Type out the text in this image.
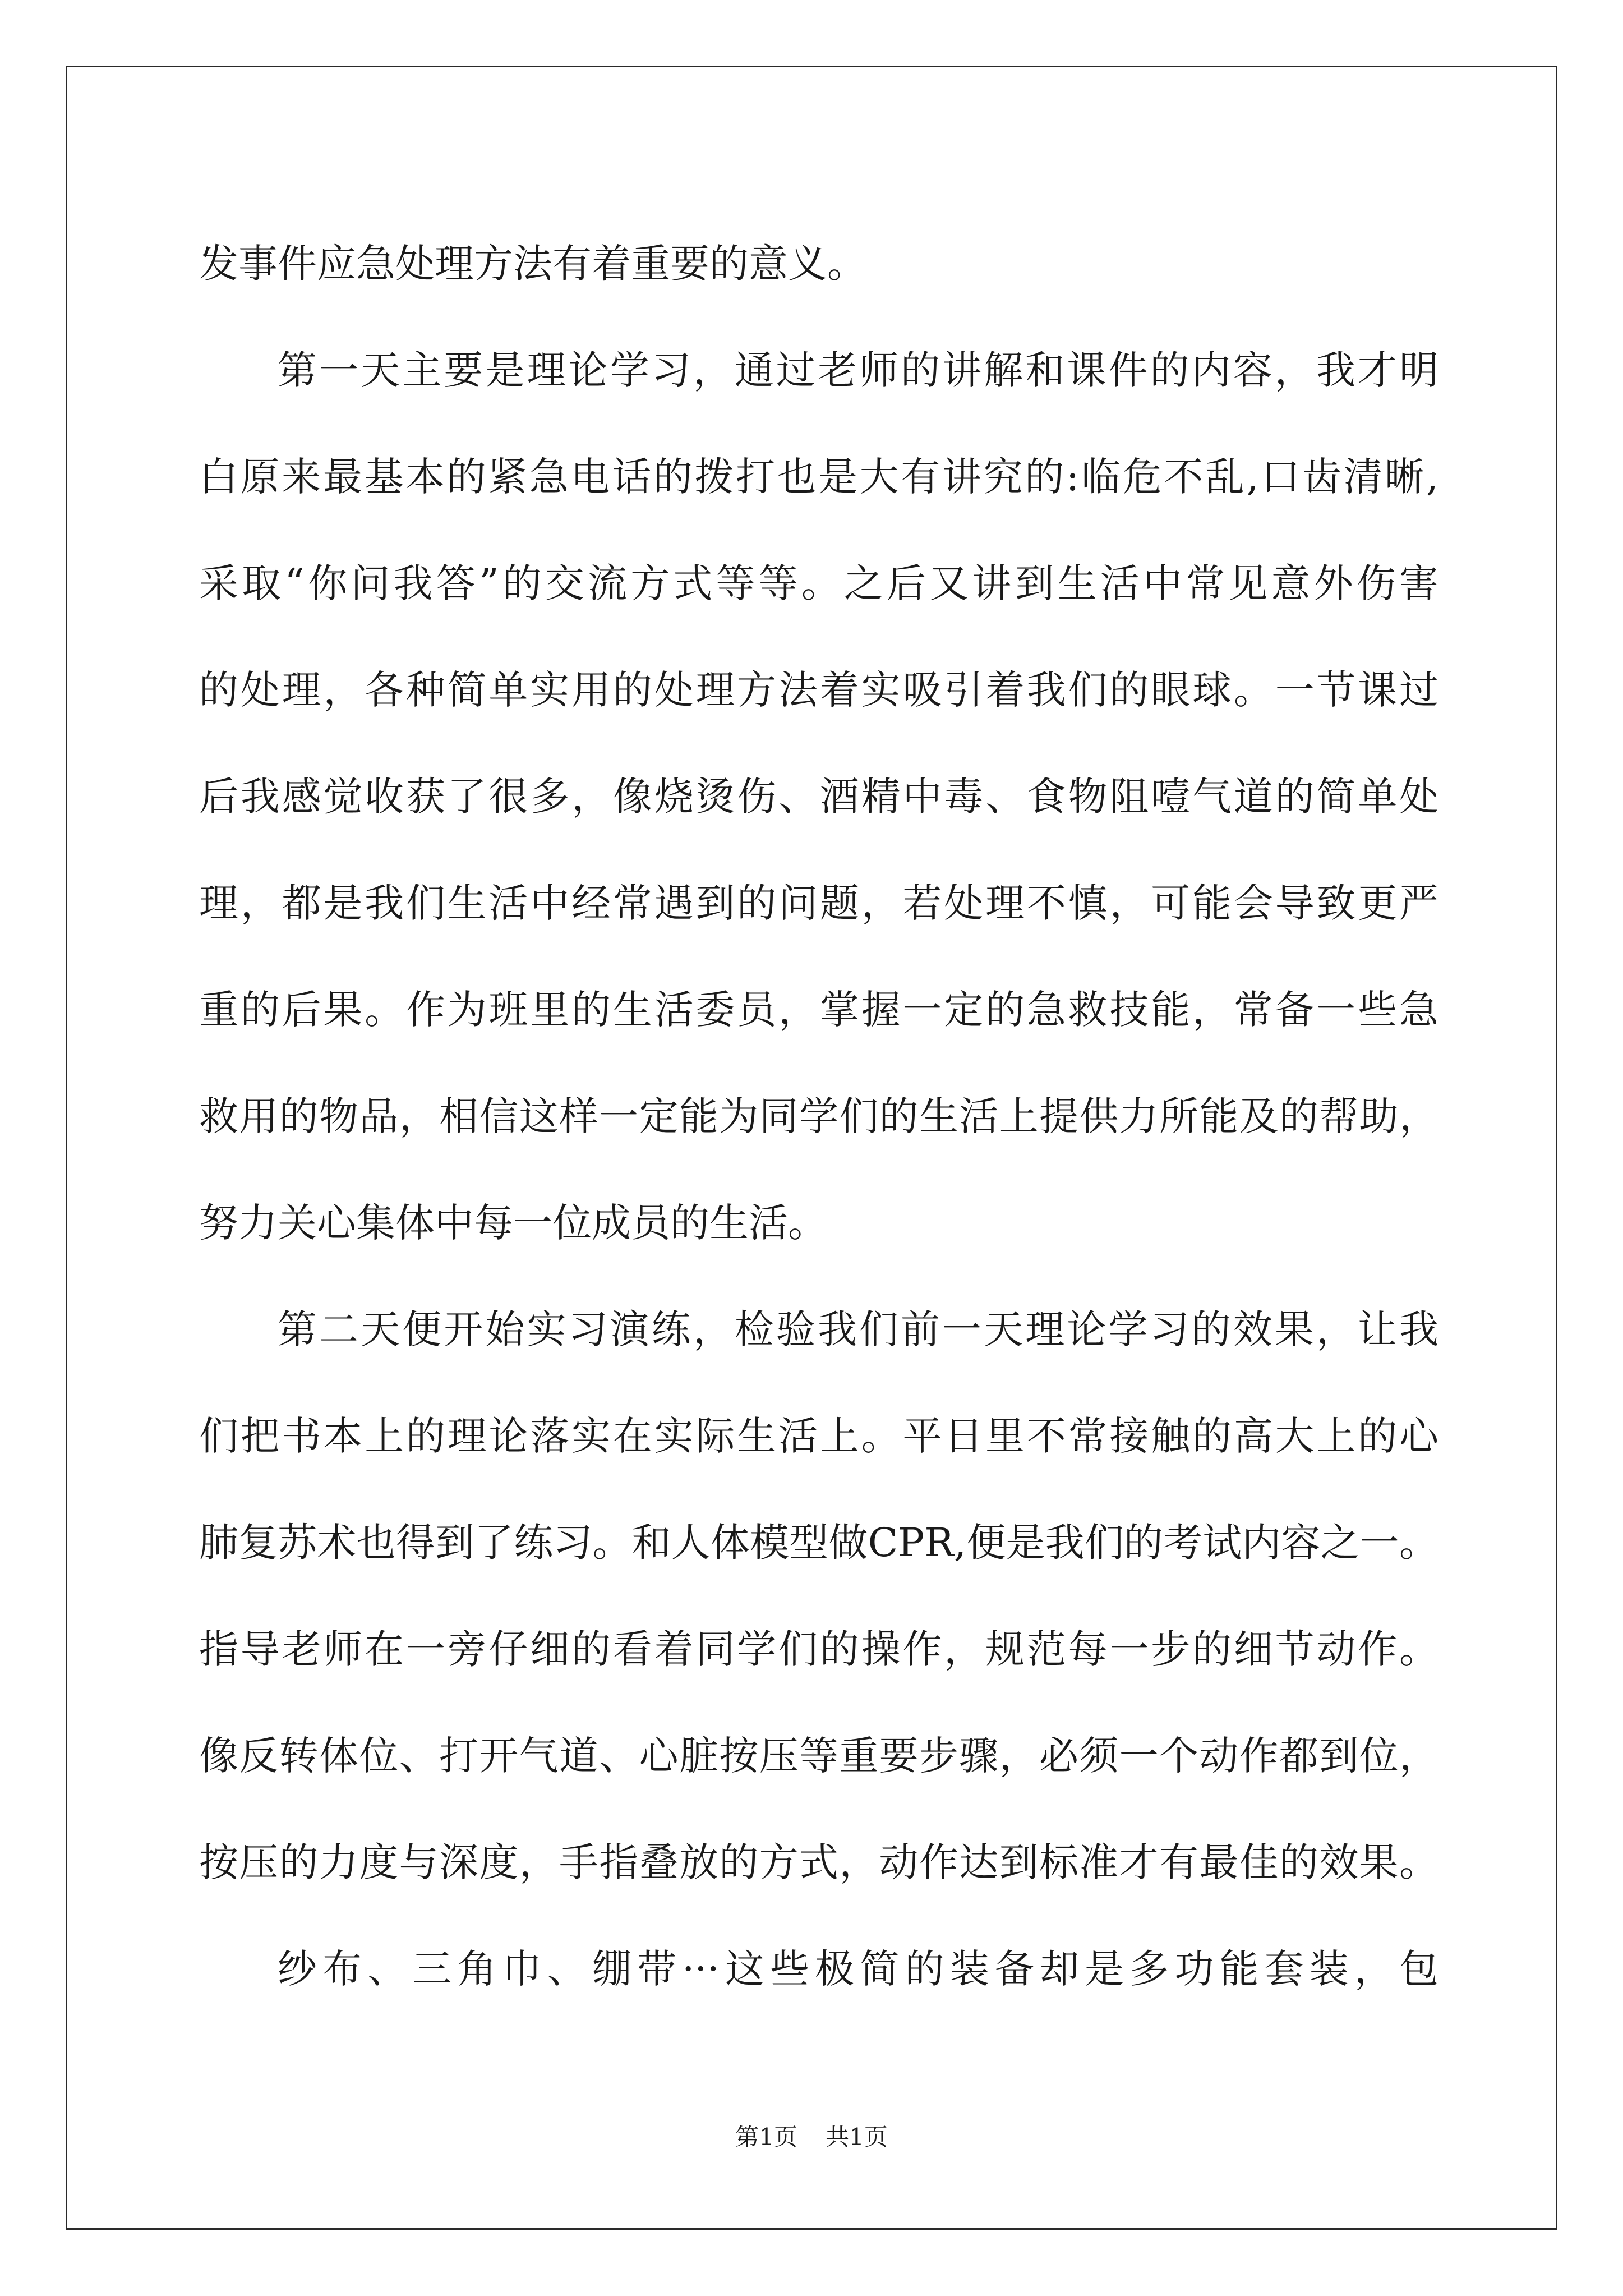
发事件应急处理方法有着重要的意义。
第一天主要是理论学习，通过老师的讲解和课件的内容，我才明
白原来最基本的紧急电话的拨打也是大有讲究的:临危不乱,口齿清晰,
采取“你问我答”的交流方式等等。之后又讲到生活中常见意外伤害
的处理，各种简单实用的处理方法着实吸引着我们的眼球。一节课过
后我感觉收获了很多，像烧烫伤、酒精中毒、食物阻噎气道的简单处
理，都是我们生活中经常遇到的问题，若处理不慎，可能会导致更严
重的后果。作为班里的生活委员，掌握一定的急救技能，常备一些急
救用的物品，相信这样一定能为同学们的生活上提供力所能及的帮助，
努力关心集体中每一位成员的生活。
第二天便开始实习演练，检验我们前一天理论学习的效果，让我
们把书本上的理论落实在实际生活上。平日里不常接触的高大上的心
肺复苏术也得到了练习。和人体模型做CPR,便是我们的考试内容之一。
指导老师在一旁仔细的看着同学们的操作，规范每一步的细节动作。
像反转体位、打开气道、心脏按压等重要步骤，必须一个动作都到位，
按压的力度与深度，手指叠放的方式，动作达到标准才有最佳的效果。
纱布、三角巾、绷带···这些极简的装备却是多功能套装，包
第1页 共1页
